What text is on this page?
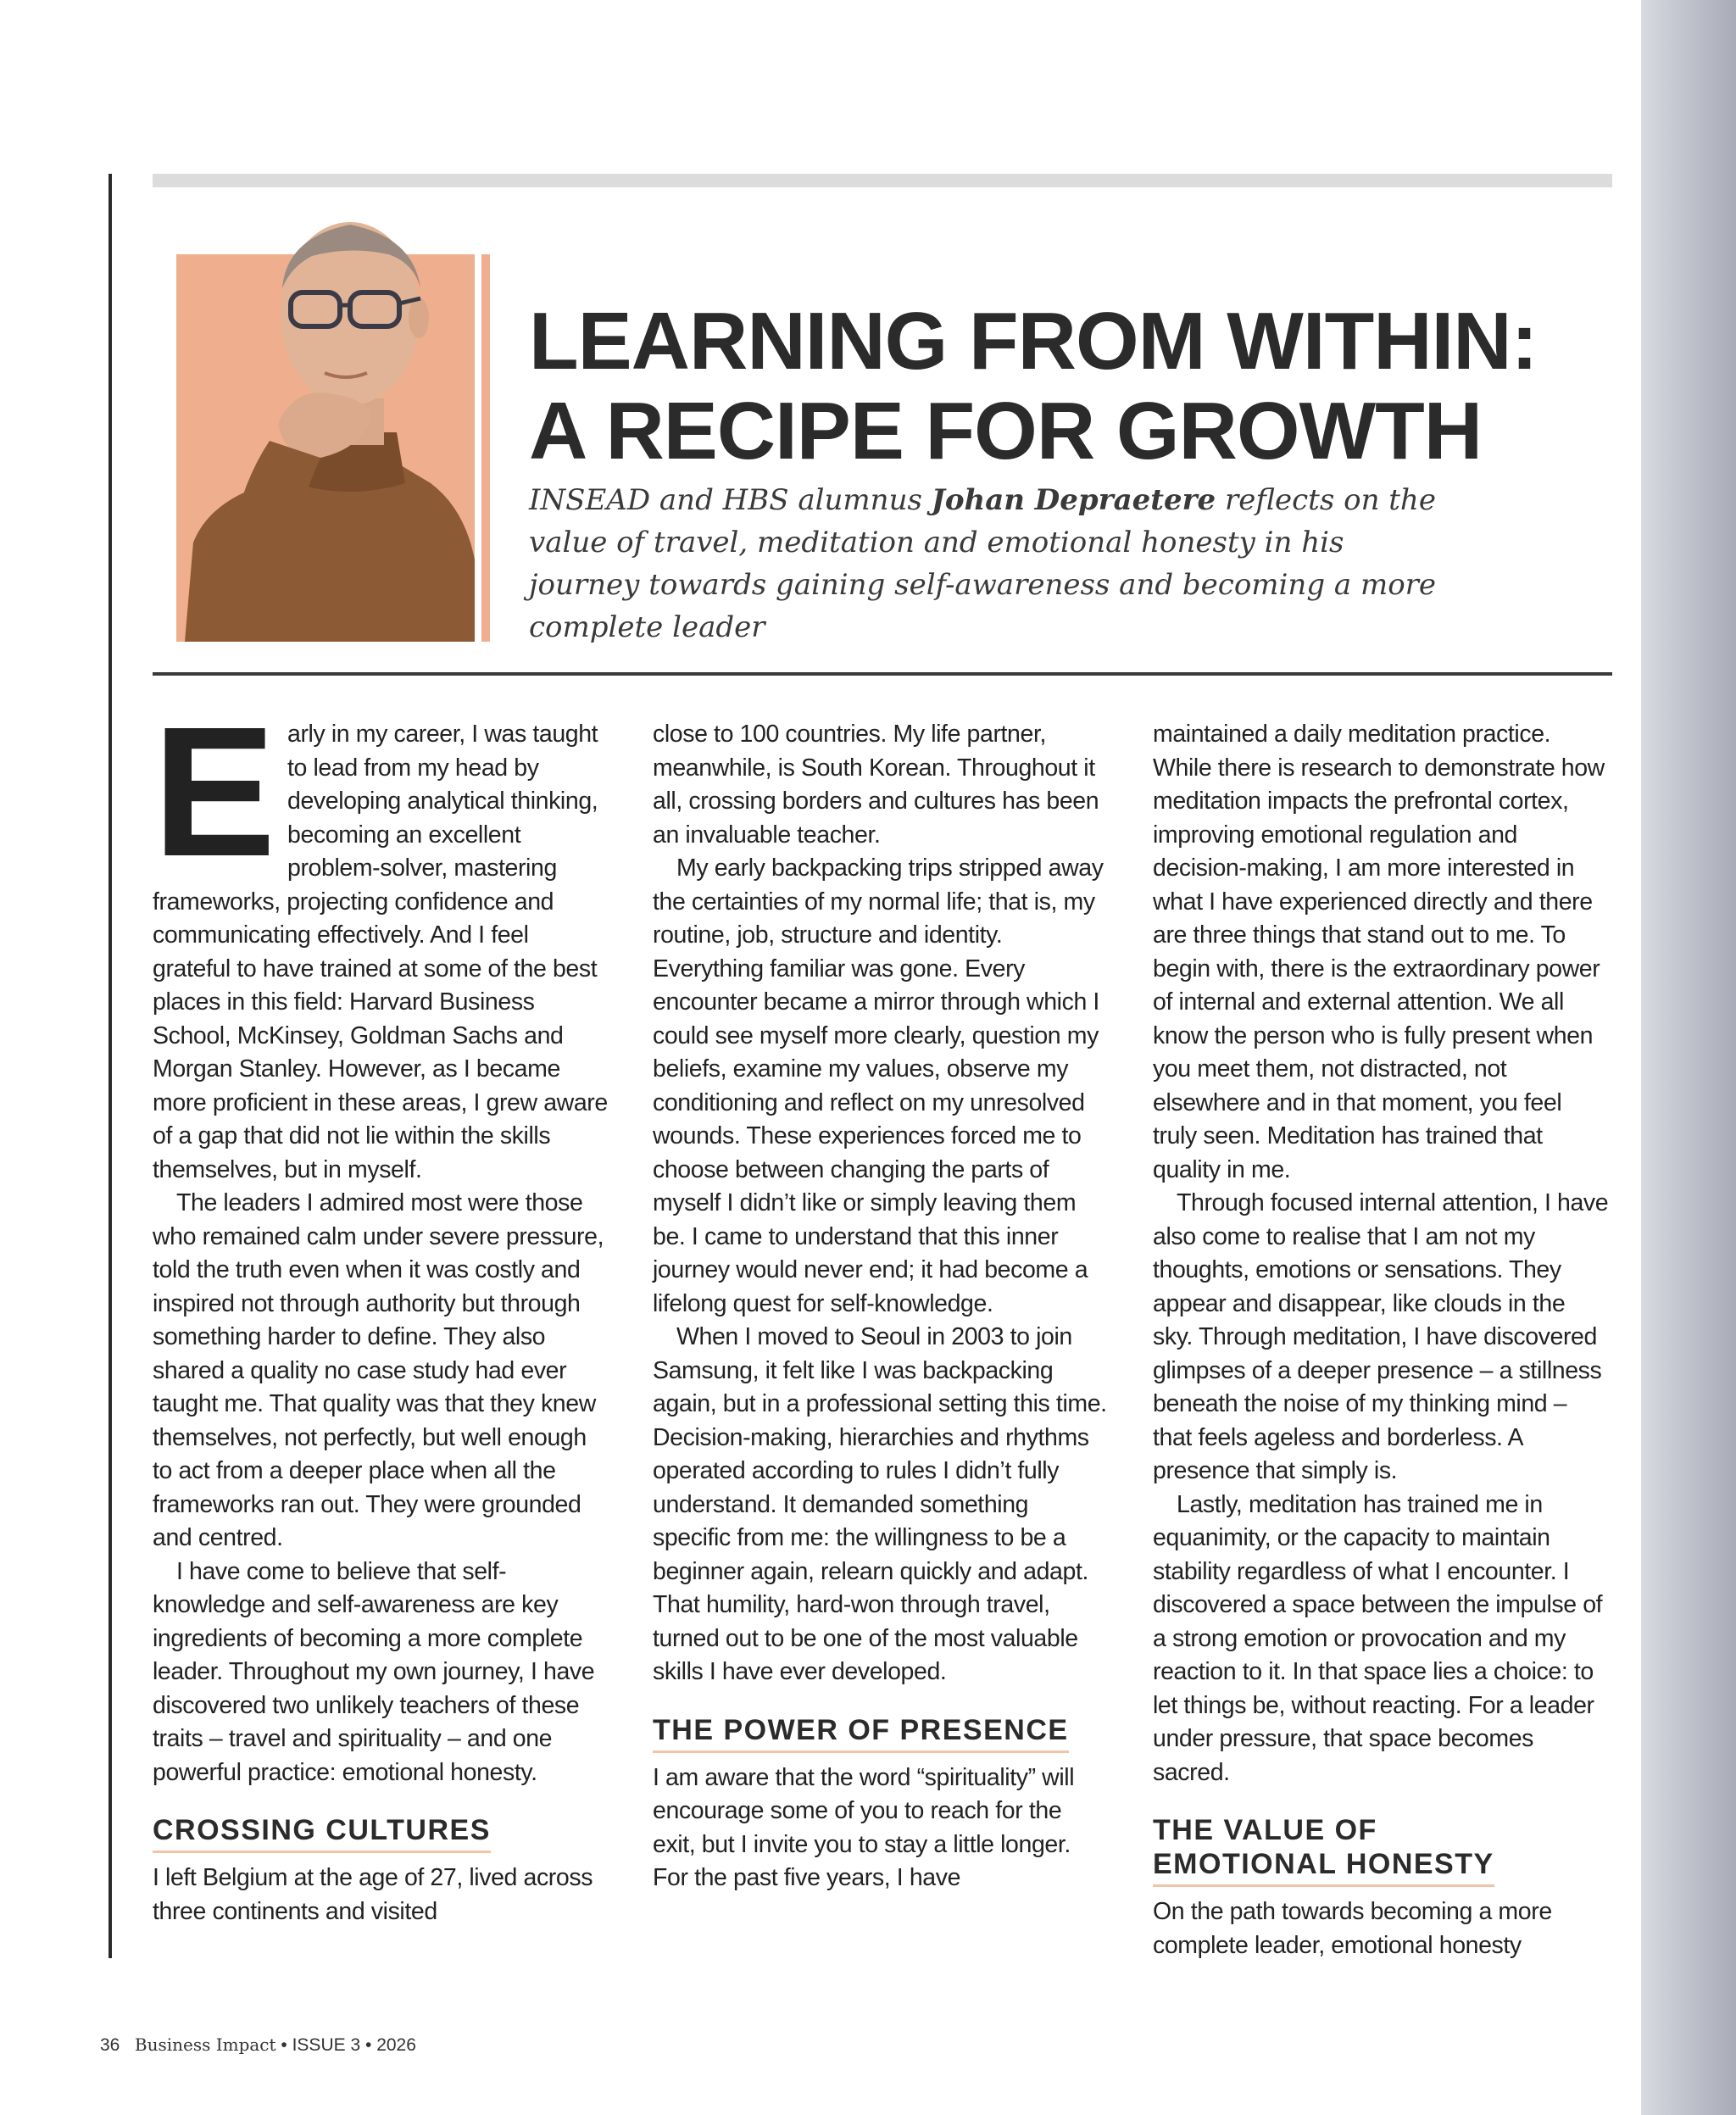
LEARNING FROM WITHIN:
A RECIPE FOR GROWTH

INSEAD and HBS alumnus Johan Depraetere reflects on the value of travel, meditation and emotional honesty in his journey towards gaining self-awareness and becoming a more complete leader

E arly in my career, I was taught to lead from my head by developing analytical thinking, becoming an excellent problem-solver, mastering frameworks, projecting confidence and communicating effectively. And I feel grateful to have trained at some of the best places in this field: Harvard Business School, McKinsey, Goldman Sachs and Morgan Stanley. However, as I became more proficient in these areas, I grew aware of a gap that did not lie within the skills themselves, but in myself.

The leaders I admired most were those who remained calm under severe pressure, told the truth even when it was costly and inspired not through authority but through something harder to define. They also shared a quality no case study had ever taught me. That quality was that they knew themselves, not perfectly, but well enough to act from a deeper place when all the frameworks ran out. They were grounded and centred.

I have come to believe that self-knowledge and self-awareness are key ingredients of becoming a more complete leader. Throughout my own journey, I have discovered two unlikely teachers of these traits – travel and spirituality – and one powerful practice: emotional honesty.

CROSSING CULTURES

I left Belgium at the age of 27, lived across three continents and visited

close to 100 countries. My life partner, meanwhile, is South Korean. Throughout it all, crossing borders and cultures has been an invaluable teacher.

My early backpacking trips stripped away the certainties of my normal life; that is, my routine, job, structure and identity. Everything familiar was gone. Every encounter became a mirror through which I could see myself more clearly, question my beliefs, examine my values, observe my conditioning and reflect on my unresolved wounds. These experiences forced me to choose between changing the parts of myself I didn’t like or simply leaving them be. I came to understand that this inner journey would never end; it had become a lifelong quest for self-knowledge.

When I moved to Seoul in 2003 to join Samsung, it felt like I was backpacking again, but in a professional setting this time. Decision-making, hierarchies and rhythms operated according to rules I didn’t fully understand. It demanded something specific from me: the willingness to be a beginner again, relearn quickly and adapt. That humility, hard-won through travel, turned out to be one of the most valuable skills I have ever developed.

THE POWER OF PRESENCE

I am aware that the word “spirituality” will encourage some of you to reach for the exit, but I invite you to stay a little longer. For the past five years, I have

maintained a daily meditation practice. While there is research to demonstrate how meditation impacts the prefrontal cortex, improving emotional regulation and decision-making, I am more interested in what I have experienced directly and there are three things that stand out to me. To begin with, there is the extraordinary power of internal and external attention. We all know the person who is fully present when you meet them, not distracted, not elsewhere and in that moment, you feel truly seen. Meditation has trained that quality in me.

Through focused internal attention, I have also come to realise that I am not my thoughts, emotions or sensations. They appear and disappear, like clouds in the sky. Through meditation, I have discovered glimpses of a deeper presence – a stillness beneath the noise of my thinking mind – that feels ageless and borderless. A presence that simply is.

Lastly, meditation has trained me in equanimity, or the capacity to maintain stability regardless of what I encounter. I discovered a space between the impulse of a strong emotion or provocation and my reaction to it. In that space lies a choice: to let things be, without reacting. For a leader under pressure, that space becomes sacred.

THE VALUE OF
EMOTIONAL HONESTY

On the path towards becoming a more complete leader, emotional honesty

36 Business Impact • ISSUE 3 • 2026
